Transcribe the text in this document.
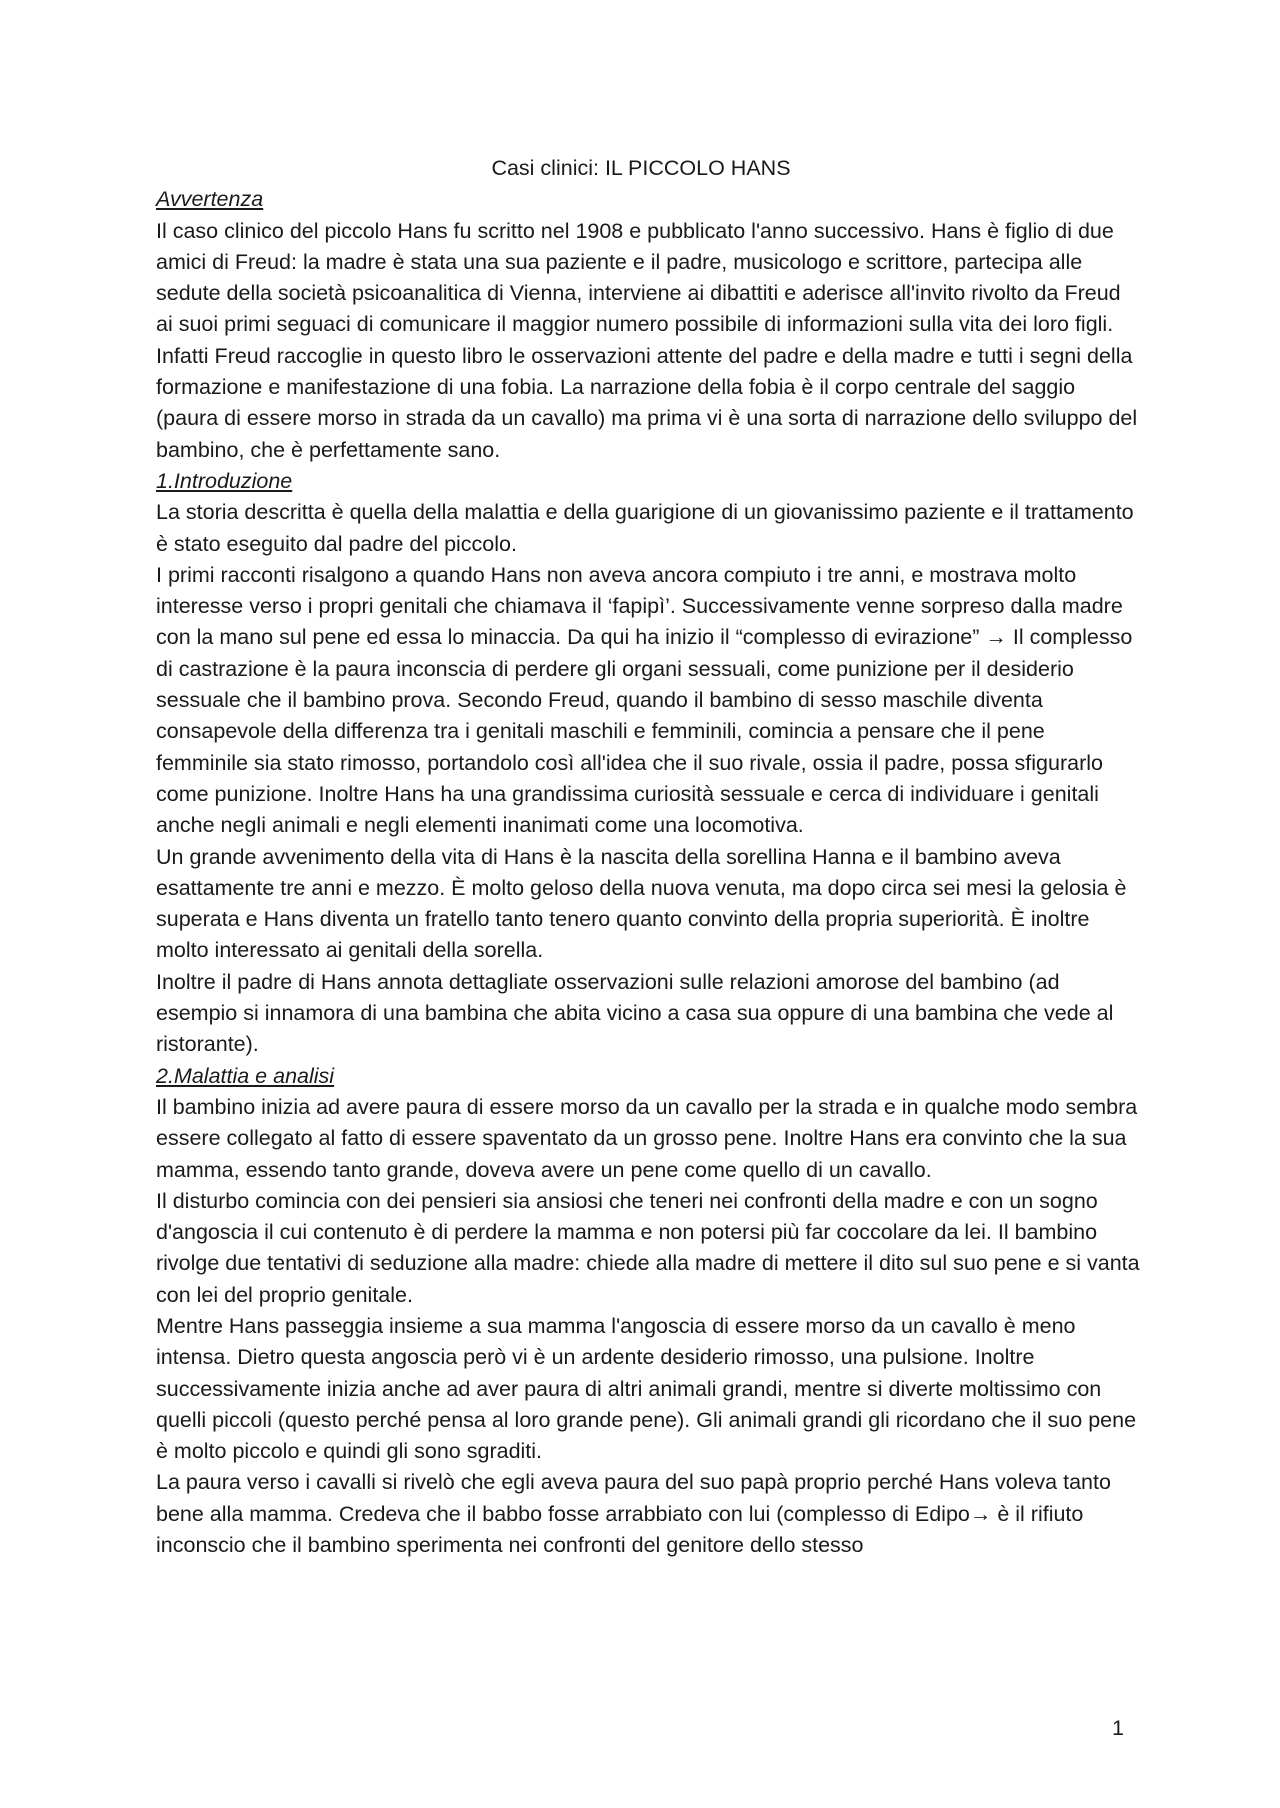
Casi clinici: IL PICCOLO HANS

Avvertenza

Il caso clinico del piccolo Hans fu scritto nel 1908 e pubblicato l'anno successivo. Hans è figlio di due amici di Freud: la madre è stata una sua paziente e il padre, musicologo e scrittore, partecipa alle sedute della società psicoanalitica di Vienna, interviene ai dibattiti e aderisce all'invito rivolto da Freud ai suoi primi seguaci di comunicare il maggior numero possibile di informazioni sulla vita dei loro figli. Infatti Freud raccoglie in questo libro le osservazioni attente del padre e della madre e tutti i segni della formazione e manifestazione di una fobia. La narrazione della fobia è il corpo centrale del saggio (paura di essere morso in strada da un cavallo) ma prima vi è una sorta di narrazione dello sviluppo del bambino, che è perfettamente sano.

1.Introduzione

La storia descritta è quella della malattia e della guarigione di un giovanissimo paziente e il trattamento è stato eseguito dal padre del piccolo.

I primi racconti risalgono a quando Hans non aveva ancora compiuto i tre anni, e mostrava molto interesse verso i propri genitali che chiamava il ‘fapipì’. Successivamente venne sorpreso dalla madre con la mano sul pene ed essa lo minaccia. Da qui ha inizio il “complesso di evirazione” → Il complesso di castrazione è la paura inconscia di perdere gli organi sessuali, come punizione per il desiderio sessuale che il bambino prova. Secondo Freud, quando il bambino di sesso maschile diventa consapevole della differenza tra i genitali maschili e femminili, comincia a pensare che il pene femminile sia stato rimosso, portandolo così all'idea che il suo rivale, ossia il padre, possa sfigurarlo come punizione. Inoltre Hans ha una grandissima curiosità sessuale e cerca di individuare i genitali anche negli animali e negli elementi inanimati come una locomotiva.

Un grande avvenimento della vita di Hans è la nascita della sorellina Hanna e il bambino aveva esattamente tre anni e mezzo. È molto geloso della nuova venuta, ma dopo circa sei mesi la gelosia è superata e Hans diventa un fratello tanto tenero quanto convinto della propria superiorità. È inoltre molto interessato ai genitali della sorella.

Inoltre il padre di Hans annota dettagliate osservazioni sulle relazioni amorose del bambino (ad esempio si innamora di una bambina che abita vicino a casa sua oppure di una bambina che vede al ristorante).

2.Malattia e analisi

Il bambino inizia ad avere paura di essere morso da un cavallo per la strada e in qualche modo sembra essere collegato al fatto di essere spaventato da un grosso pene. Inoltre Hans era convinto che la sua mamma, essendo tanto grande, doveva avere un pene come quello di un cavallo.

Il disturbo comincia con dei pensieri sia ansiosi che teneri nei confronti della madre e con un sogno d'angoscia il cui contenuto è di perdere la mamma e non potersi più far coccolare da lei. Il bambino rivolge due tentativi di seduzione alla madre: chiede alla madre di mettere il dito sul suo pene e si vanta con lei del proprio genitale.

Mentre Hans passeggia insieme a sua mamma l'angoscia di essere morso da un cavallo è meno intensa. Dietro questa angoscia però vi è un ardente desiderio rimosso, una pulsione. Inoltre successivamente inizia anche ad aver paura di altri animali grandi, mentre si diverte moltissimo con quelli piccoli (questo perché pensa al loro grande pene). Gli animali grandi gli ricordano che il suo pene è molto piccolo e quindi gli sono sgraditi.

La paura verso i cavalli si rivelò che egli aveva paura del suo papà proprio perché Hans voleva tanto bene alla mamma. Credeva che il babbo fosse arrabbiato con lui (complesso di Edipo→ è il rifiuto inconscio che il bambino sperimenta nei confronti del genitore dello stesso

1
